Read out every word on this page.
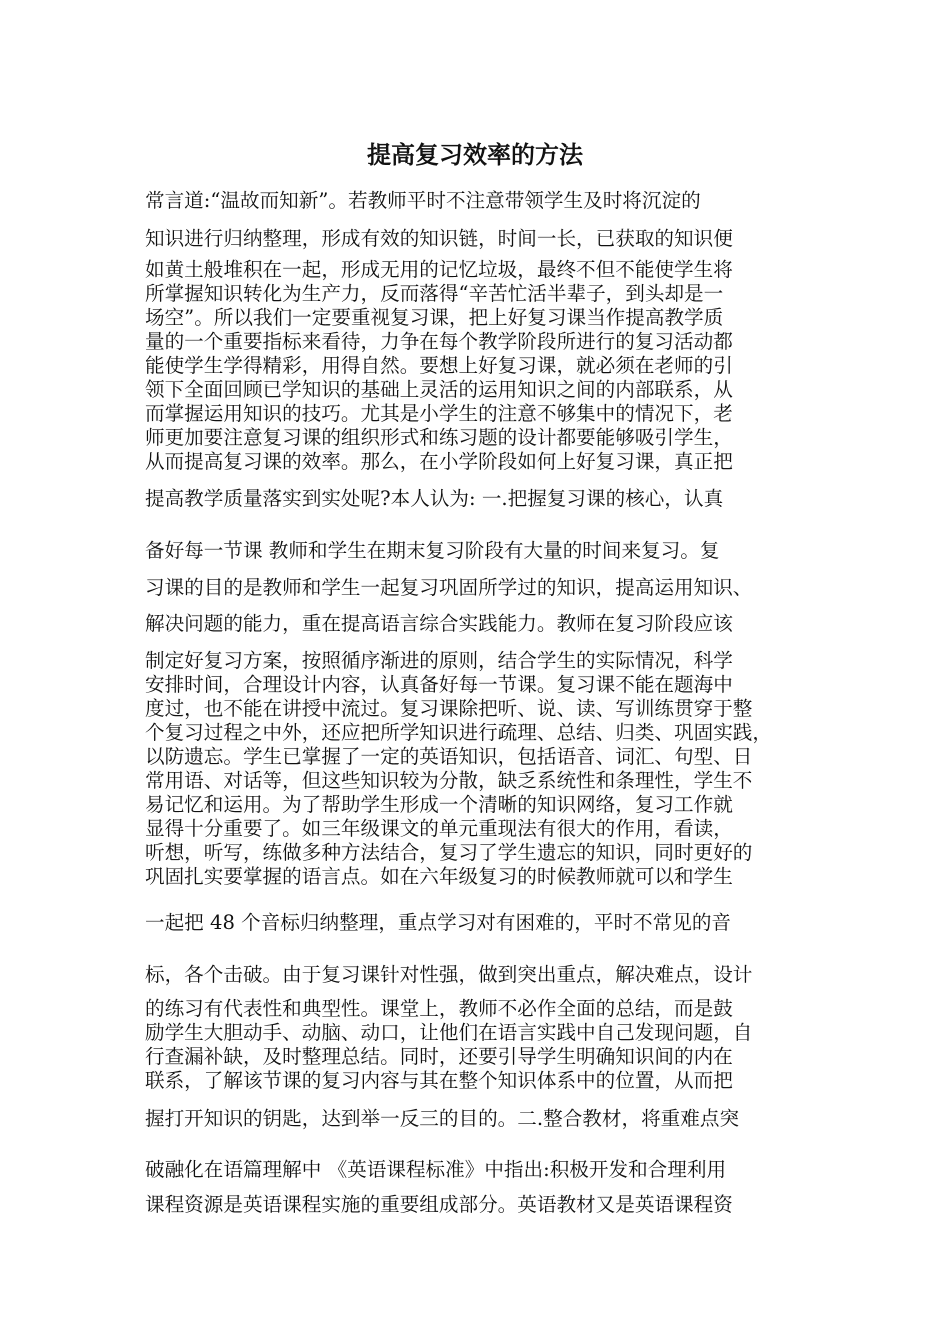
提高复习效率的方法
常言道:“温故而知新”。若教师平时不注意带领学生及时将沉淀的
知识进行归纳整理，形成有效的知识链，时间一长，已获取的知识便
如黄土般堆积在一起，形成无用的记忆垃圾，最终不但不能使学生将
所掌握知识转化为生产力，反而落得“辛苦忙活半辈子，到头却是一
场空”。所以我们一定要重视复习课，把上好复习课当作提高教学质
量的一个重要指标来看待，力争在每个教学阶段所进行的复习活动都
能使学生学得精彩，用得自然。要想上好复习课，就必须在老师的引
领下全面回顾已学知识的基础上灵活的运用知识之间的内部联系，从
而掌握运用知识的技巧。尤其是小学生的注意不够集中的情况下，老
师更加要注意复习课的组织形式和练习题的设计都要能够吸引学生，
从而提高复习课的效率。那么，在小学阶段如何上好复习课，真正把
提高教学质量落实到实处呢?本人认为: 一.把握复习课的核心，认真
备好每一节课 教师和学生在期末复习阶段有大量的时间来复习。复
习课的目的是教师和学生一起复习巩固所学过的知识，提高运用知识、
解决问题的能力，重在提高语言综合实践能力。教师在复习阶段应该
制定好复习方案，按照循序渐进的原则，结合学生的实际情况，科学
安排时间，合理设计内容，认真备好每一节课。复习课不能在题海中
度过，也不能在讲授中流过。复习课除把听、说、读、写训练贯穿于整
个复习过程之中外，还应把所学知识进行疏理、总结、归类、巩固实践，
以防遗忘。学生已掌握了一定的英语知识，包括语音、词汇、句型、日
常用语、对话等，但这些知识较为分散，缺乏系统性和条理性，学生不
易记忆和运用。为了帮助学生形成一个清晰的知识网络，复习工作就
显得十分重要了。如三年级课文的单元重现法有很大的作用，看读，
听想，听写，练做多种方法结合，复习了学生遗忘的知识，同时更好的
巩固扎实要掌握的语言点。如在六年级复习的时候教师就可以和学生
一起把 48 个音标归纳整理，重点学习对有困难的，平时不常见的音
标，各个击破。由于复习课针对性强，做到突出重点，解决难点，设计
的练习有代表性和典型性。课堂上，教师不必作全面的总结，而是鼓
励学生大胆动手、动脑、动口，让他们在语言实践中自己发现问题，自
行查漏补缺，及时整理总结。同时，还要引导学生明确知识间的内在
联系，了解该节课的复习内容与其在整个知识体系中的位置，从而把
握打开知识的钥匙，达到举一反三的目的。二.整合教材，将重难点突
破融化在语篇理解中 《英语课程标准》中指出:积极开发和合理利用
课程资源是英语课程实施的重要组成部分。英语教材又是英语课程资
